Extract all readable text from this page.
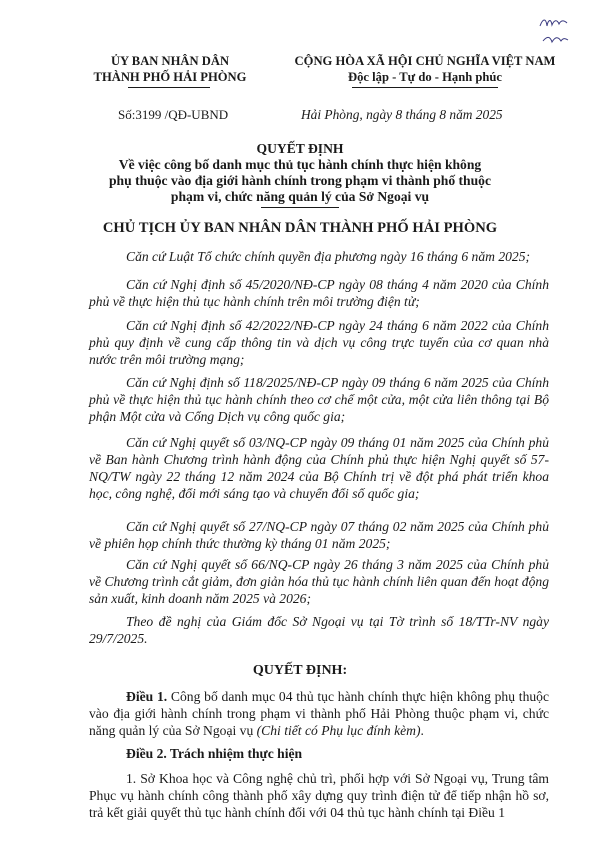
ỦY BAN NHÂN DÂN
THÀNH PHỐ HẢI PHÒNG
CỘNG HÒA XÃ HỘI CHỦ NGHĨA VIỆT NAM
Độc lập - Tự do - Hạnh phúc
Số:3199 /QĐ-UBND	Hải Phòng, ngày 8 tháng 8 năm 2025
QUYẾT ĐỊNH
Về việc công bố danh mục thủ tục hành chính thực hiện không
phụ thuộc vào địa giới hành chính trong phạm vi thành phố thuộc
phạm vi, chức năng quản lý của Sở Ngoại vụ
CHỦ TỊCH ỦY BAN NHÂN DÂN THÀNH PHỐ HẢI PHÒNG
Căn cứ Luật Tổ chức chính quyền địa phương ngày 16 tháng 6 năm 2025;
Căn cứ Nghị định số 45/2020/NĐ-CP ngày 08 tháng 4 năm 2020 của Chính phủ về thực hiện thủ tục hành chính trên môi trường điện tử;
Căn cứ Nghị định số 42/2022/NĐ-CP ngày 24 tháng 6 năm 2022 của Chính phủ quy định về cung cấp thông tin và dịch vụ công trực tuyến của cơ quan nhà nước trên môi trường mạng;
Căn cứ Nghị định số 118/2025/NĐ-CP ngày 09 tháng 6 năm 2025 của Chính phủ về thực hiện thủ tục hành chính theo cơ chế một cửa, một cửa liên thông tại Bộ phận Một cửa và Cổng Dịch vụ công quốc gia;
Căn cứ Nghị quyết số 03/NQ-CP ngày 09 tháng 01 năm 2025 của Chính phủ về Ban hành Chương trình hành động của Chính phủ thực hiện Nghị quyết số 57-NQ/TW ngày 22 tháng 12 năm 2024 của Bộ Chính trị về đột phá phát triển khoa học, công nghệ, đổi mới sáng tạo và chuyển đổi số quốc gia;
Căn cứ Nghị quyết số 27/NQ-CP ngày 07 tháng 02 năm 2025 của Chính phủ về phiên họp chính thức thường kỳ tháng 01 năm 2025;
Căn cứ Nghị quyết số 66/NQ-CP ngày 26 tháng 3 năm 2025 của Chính phủ về Chương trình cắt giảm, đơn giản hóa thủ tục hành chính liên quan đến hoạt động sản xuất, kinh doanh năm 2025 và 2026;
Theo đề nghị của Giám đốc Sở Ngoại vụ tại Tờ trình số 18/TTr-NV ngày 29/7/2025.
QUYẾT ĐỊNH:
Điều 1. Công bố danh mục 04 thủ tục hành chính thực hiện không phụ thuộc vào địa giới hành chính trong phạm vi thành phố Hải Phòng thuộc phạm vi, chức năng quản lý của Sở Ngoại vụ (Chi tiết có Phụ lục đính kèm).
Điều 2. Trách nhiệm thực hiện
1. Sở Khoa học và Công nghệ chủ trì, phối hợp với Sở Ngoại vụ, Trung tâm Phục vụ hành chính công thành phố xây dựng quy trình điện tử để tiếp nhận hồ sơ, trả kết giải quyết thủ tục hành chính đối với 04 thủ tục hành chính tại Điều 1
